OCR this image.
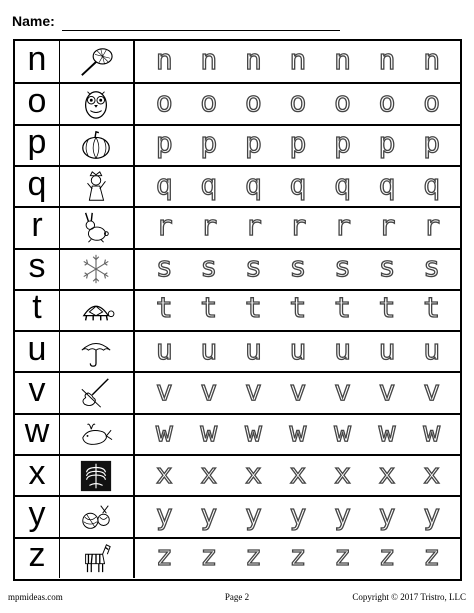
Name:
n	n n n n n n n
o	o o o o o o o
p	p p p p p p p
q	q q q q q q q
r	r r r r r r r
s	s s s s s s s
t	t t t t t t t
u	u u u u u u u
v	v v v v v v v
w	w w w w w w w
x	x x x x x x x
y	y y y y y y y
z	z z z z z z z
mpmideas.com	Page 2	Copyright © 2017 Tristro, LLC
